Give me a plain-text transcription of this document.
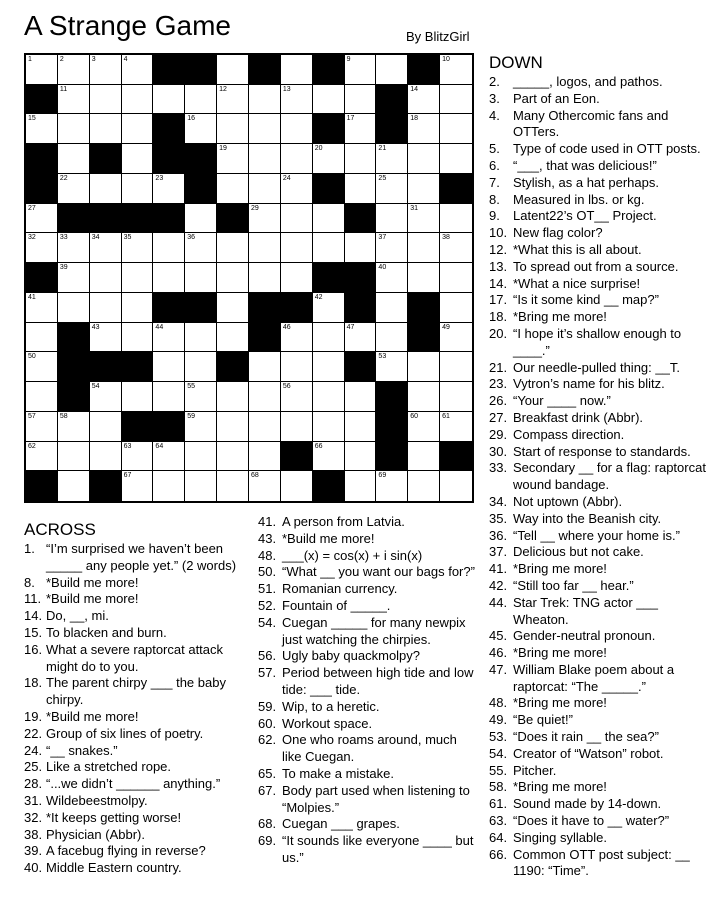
A Strange Game	By BlitzGirl
1	2	3	4	9	10
11	12	13	14
15	16	17	18
19	20	21
22	23	24	25
27	29	31
32	33	34	35	36	37	38
39	40
41	42
43	44	46	47	49
50	53
54	55	56
57	58	59	60	61
62	63	64	66
67	68	69
ACROSS
1. “I’m surprised we haven’t been _____ any people yet.” (2 words)
8. *Build me more!
11. *Build me more!
14. Do, __, mi.
15. To blacken and burn.
16. What a severe raptorcat attack might do to you.
18. The parent chirpy ___ the baby chirpy.
19. *Build me more!
22. Group of six lines of poetry.
24. “__ snakes.”
25. Like a stretched rope.
28. “...we didn’t ______ anything.”
31. Wildebeestmolpy.
32. *It keeps getting worse!
38. Physician (Abbr).
39. A facebug flying in reverse?
40. Middle Eastern country.
41. A person from Latvia.
43. *Build me more!
48. ___(x) = cos(x) + i sin(x)
50. “What __ you want our bags for?”
51. Romanian currency.
52. Fountain of _____.
54. Cuegan _____ for many newpix just watching the chirpies.
56. Ugly baby quackmolpy?
57. Period between high tide and low tide: ___ tide.
59. Wip, to a heretic.
60. Workout space.
62. One who roams around, much like Cuegan.
65. To make a mistake.
67. Body part used when listening to “Molpies.”
68. Cuegan ___ grapes.
69. “It sounds like everyone ____ but us.”
DOWN
2.	_____, logos, and pathos.
3.	Part of an Eon.
4.	Many Othercomic fans and OTTers.
5.	Type of code used in OTT posts.
6.	“___, that was delicious!”
7.	Stylish, as a hat perhaps.
8.	Measured in lbs. or kg.
9.	Latent22’s OT__ Project.
10. New flag color?
12. *What this is all about.
13. To spread out from a source.
14. *What a nice surprise!
17. “Is it some kind __ map?”
18. *Bring me more!
20. “I hope it’s shallow enough to ____.”
21. Our needle-pulled thing: __T.
23. Vytron’s name for his blitz.
26. “Your ____ now.”
27. Breakfast drink (Abbr).
29. Compass direction.
30. Start of response to standards.
33. Secondary __ for a flag: raptorcat wound bandage.
34. Not uptown (Abbr).
35. Way into the Beanish city.
36. “Tell __ where your home is.”
37. Delicious but not cake.
41. *Bring me more!
42. “Still too far __ hear.”
44. Star Trek: TNG actor ___ Wheaton.
45. Gender-neutral pronoun.
46. *Bring me more!
47. William Blake poem about a raptorcat: “The _____.”
48. *Bring me more!
49. “Be quiet!”
53. “Does it rain __ the sea?”
54. Creator of “Watson” robot.
55. Pitcher.
58. *Bring me more!
61. Sound made by 14-down.
63. “Does it have to __ water?”
64. Singing syllable.
66. Common OTT post subject: __ 1190: “Time”.
